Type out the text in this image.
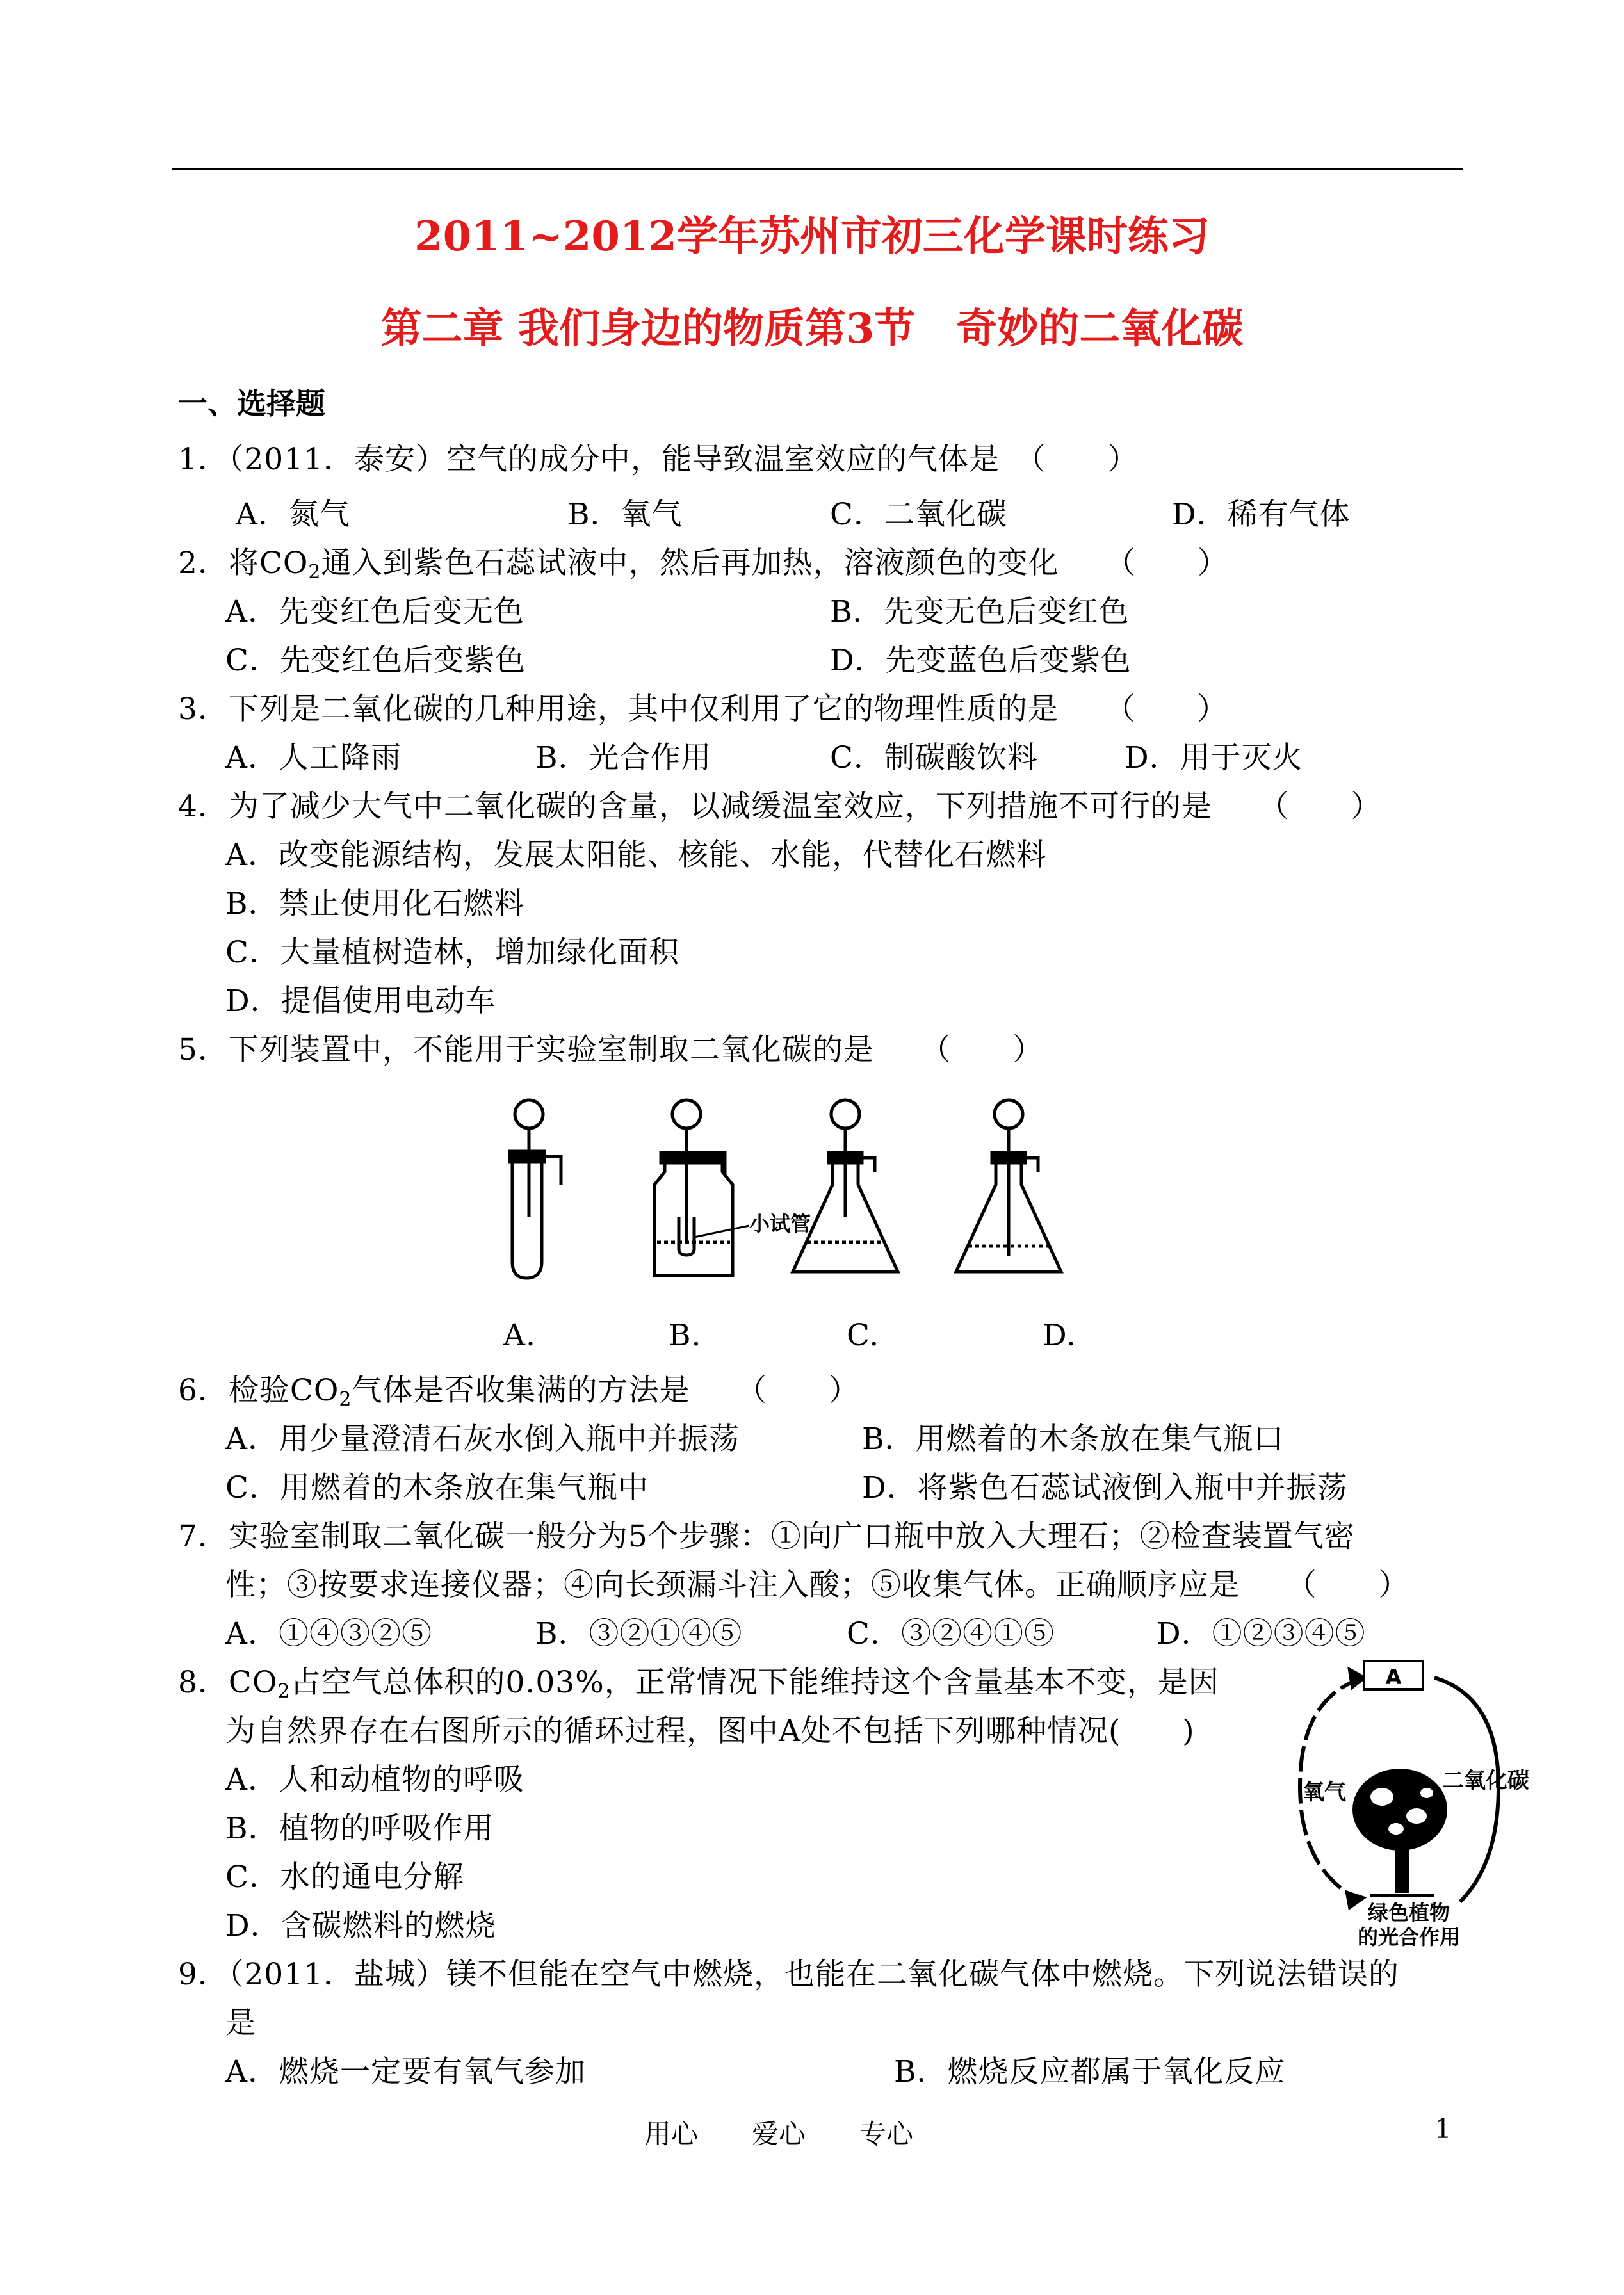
2011~2012学年苏州市初三化学课时练习
第二章 我们身边的物质第3节　奇妙的二氧化碳
一、选择题
1．（2011．泰安）空气的成分中，能导致温室效应的气体是　（　　）
A．氮气	B．氧气	C．二氧化碳	D．稀有气体
2．将$CO_2$通入到紫色石蕊试液中，然后再加热，溶液颜色的变化　　（　　）
A．先变红色后变无色	B．先变无色后变红色
C．先变红色后变紫色	D．先变蓝色后变紫色
3．下列是二氧化碳的几种用途，其中仅利用了它的物理性质的是　　（　　）
A．人工降雨	B．光合作用	C．制碳酸饮料	D．用于灭火
4．为了减少大气中二氧化碳的含量，以减缓温室效应，下列措施不可行的是　　（　　）
A．改变能源结构，发展太阳能、核能、水能，代替化石燃料
B．禁止使用化石燃料
C．大量植树造林，增加绿化面积
D．提倡使用电动车
5．下列装置中，不能用于实验室制取二氧化碳的是　　（　　）
小试管
A.	B.	C.	D.
6．检验$CO_2$气体是否收集满的方法是　　（　　）
A．用少量澄清石灰水倒入瓶中并振荡	B．用燃着的木条放在集气瓶口
C．用燃着的木条放在集气瓶中	D．将紫色石蕊试液倒入瓶中并振荡
7．实验室制取二氧化碳一般分为5个步骤：①向广口瓶中放入大理石；②检查装置气密
性；③按要求连接仪器；④向长颈漏斗注入酸；⑤收集气体。正确顺序应是　　（　　）
A．①④③②⑤	B．③②①④⑤	C．③②④①⑤	D．①②③④⑤
8．$CO_2$占空气总体积的0.03%，正常情况下能维持这个含量基本不变，是因
为自然界存在右图所示的循环过程，图中A处不包括下列哪种情况(　　)
A．人和动植物的呼吸
B．植物的呼吸作用
C．水的通电分解
D．含碳燃料的燃烧
A
氧气	二氧化碳
绿色植物
的光合作用
9．（2011．盐城）镁不但能在空气中燃烧，也能在二氧化碳气体中燃烧。下列说法错误的
是
A．燃烧一定要有氧气参加	B．燃烧反应都属于氧化反应
用心　　爱心　　专心	1
